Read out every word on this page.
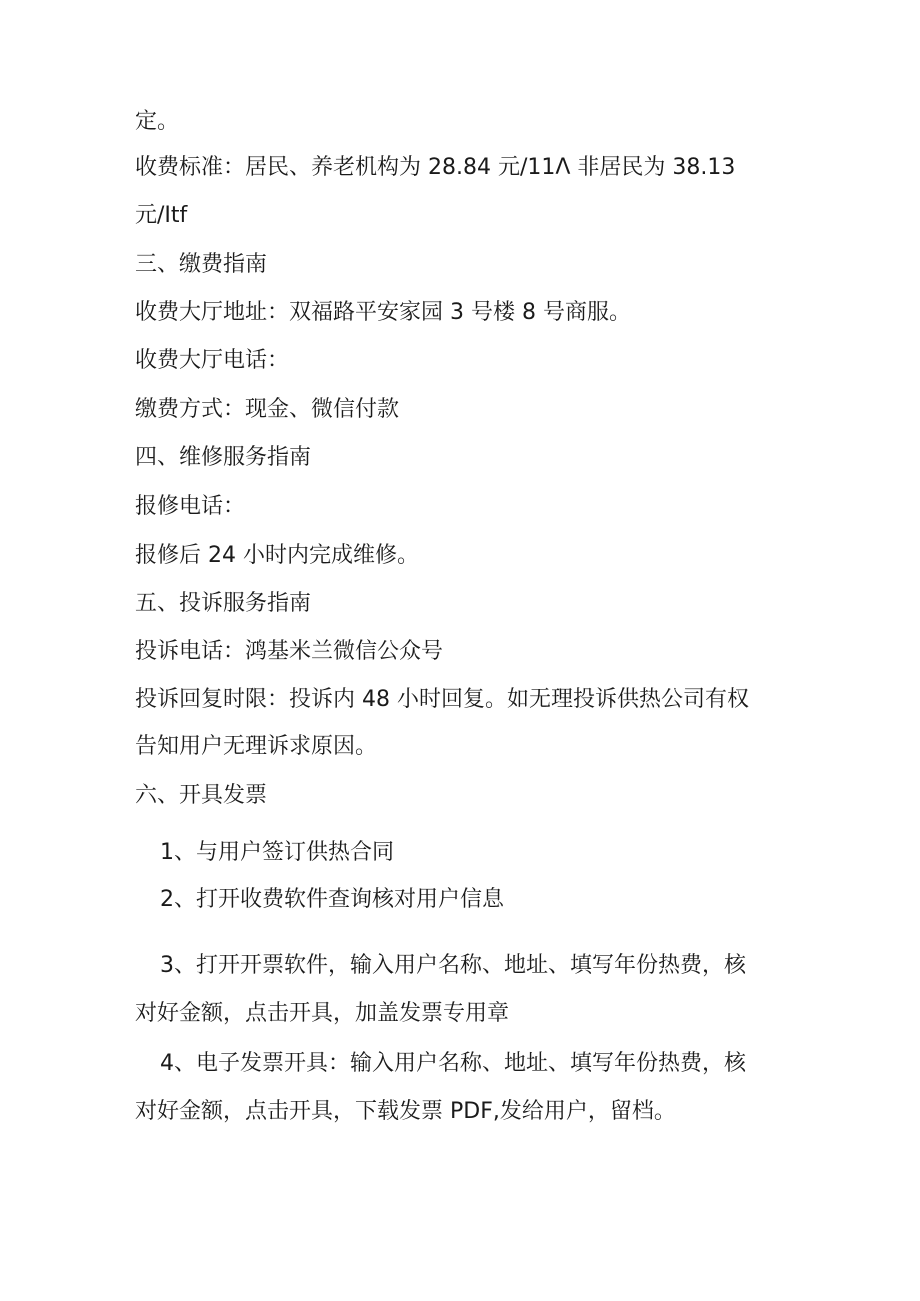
定。

收费标准：居民、养老机构为 28.84 元/11Λ 非居民为 38.13

元/Itf

三、缴费指南

收费大厅地址：双福路平安家园 3 号楼 8 号商服。

收费大厅电话：

缴费方式：现金、微信付款

四、维修服务指南

报修电话：

报修后 24 小时内完成维修。

五、投诉服务指南

投诉电话：鸿基米兰微信公众号

投诉回复时限：投诉内 48 小时回复。如无理投诉供热公司有权

告知用户无理诉求原因。

六、开具发票

1、与用户签订供热合同

2、打开收费软件查询核对用户信息

3、打开开票软件，输入用户名称、地址、填写年份热费，核

对好金额，点击开具，加盖发票专用章

4、电子发票开具：输入用户名称、地址、填写年份热费，核

对好金额，点击开具，下载发票 PDF,发给用户，留档。
